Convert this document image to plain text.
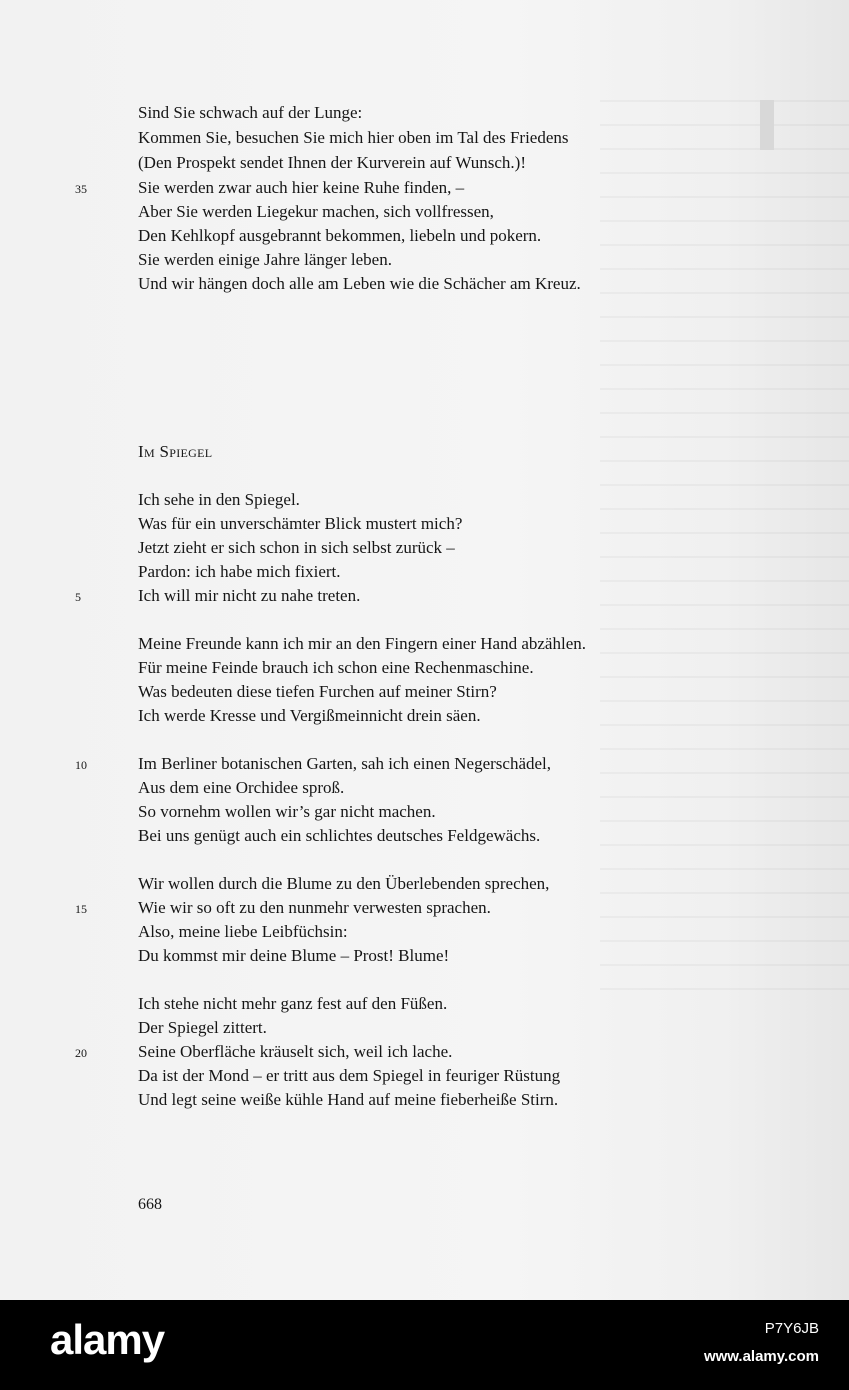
Sind Sie schwach auf der Lunge:
Kommen Sie, besuchen Sie mich hier oben im Tal des Friedens
(Den Prospekt sendet Ihnen der Kurverein auf Wunsch.)!
35	Sie werden zwar auch hier keine Ruhe finden, –
Aber Sie werden Liegekur machen, sich vollfressen,
Den Kehlkopf ausgebrannt bekommen, liebeln und pokern.
Sie werden einige Jahre länger leben.
Und wir hängen doch alle am Leben wie die Schächer am Kreuz.
Im Spiegel
Ich sehe in den Spiegel.
Was für ein unverschämter Blick mustert mich?
Jetzt zieht er sich schon in sich selbst zurück –
Pardon: ich habe mich fixiert.
5	Ich will mir nicht zu nahe treten.
Meine Freunde kann ich mir an den Fingern einer Hand abzählen.
Für meine Feinde brauch ich schon eine Rechenmaschine.
Was bedeuten diese tiefen Furchen auf meiner Stirn?
Ich werde Kresse und Vergißmeinnicht drein säen.
10	Im Berliner botanischen Garten, sah ich einen Negerschädel,
Aus dem eine Orchidee sproß.
So vornehm wollen wir’s gar nicht machen.
Bei uns genügt auch ein schlichtes deutsches Feldgewächs.
Wir wollen durch die Blume zu den Überlebenden sprechen,
15	Wie wir so oft zu den nunmehr verwesten sprachen.
Also, meine liebe Leibfüchsin:
Du kommst mir deine Blume – Prost! Blume!
Ich stehe nicht mehr ganz fest auf den Füßen.
Der Spiegel zittert.
20	Seine Oberfläche kräuselt sich, weil ich lache.
Da ist der Mond – er tritt aus dem Spiegel in feuriger Rüstung
Und legt seine weiße kühle Hand auf meine fieberheiße Stirn.
668
alamy	P7Y6JB
www.alamy.com
